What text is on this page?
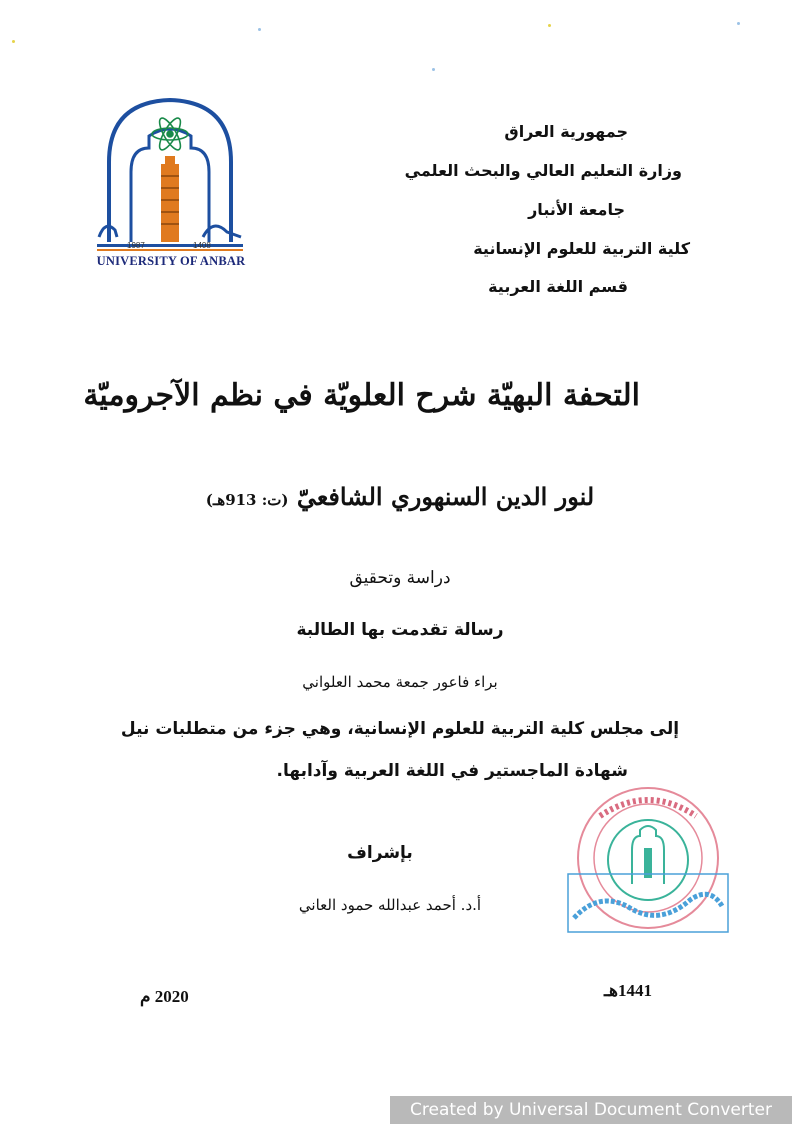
1987	1408
UNIVERSITY OF ANBAR
جمهورية العراق
وزارة التعليم العالي والبحث العلمي
جامعة الأنبار
كلية التربية للعلوم الإنسانية
قسم اللغة العربية
التحفة البهيّة شرح العلويّة في نظم الآجروميّة
لنور الدين السنهوري الشافعيّ (ت: 913هـ)
دراسة وتحقيق
رسالة تقدمت بها الطالبة
براء فاعور جمعة محمد العلواني
إلى مجلس كلية التربية للعلوم الإنسانية، وهي جزء من متطلبات نيل
شهادة الماجستير في اللغة العربية وآدابها.
بإشراف
أ.د. أحمد عبدالله حمود العاني
2020 م	1441هـ
Created by Universal Document Converter
